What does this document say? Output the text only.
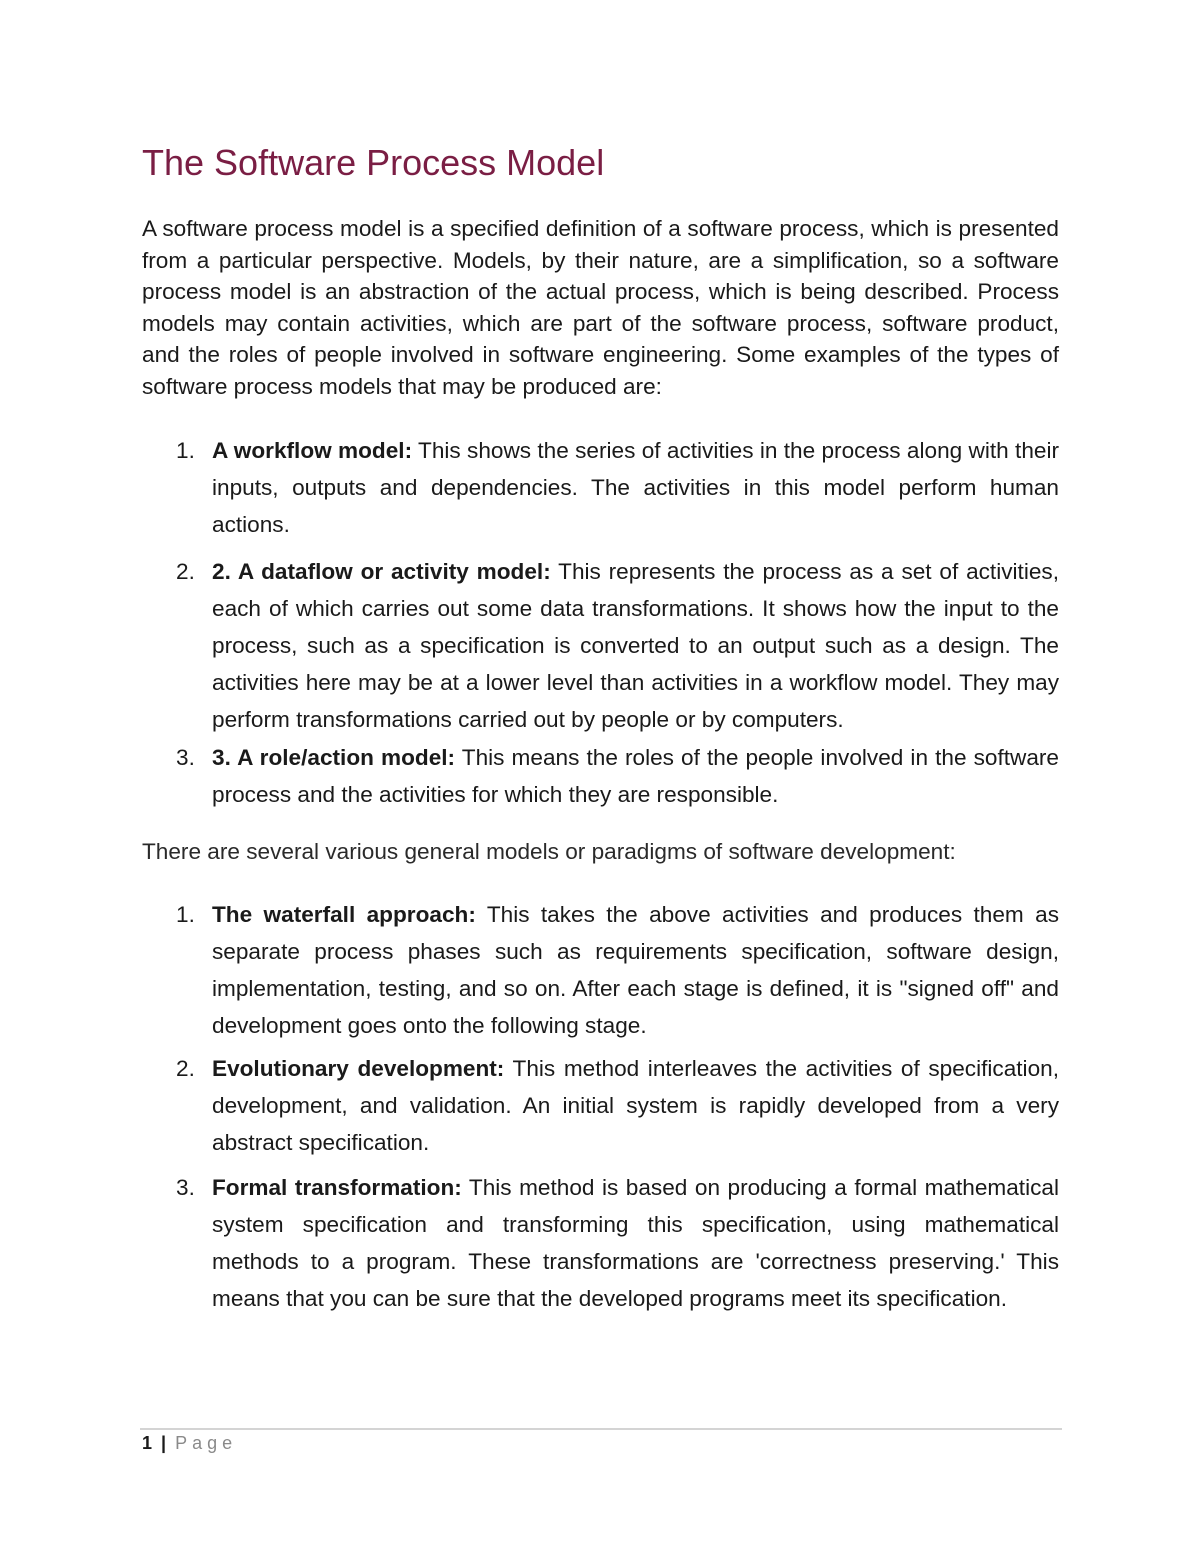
The Software Process Model
A software process model is a specified definition of a software process, which is presented from a particular perspective. Models, by their nature, are a simplification, so a software process model is an abstraction of the actual process, which is being described. Process models may contain activities, which are part of the software process, software product, and the roles of people involved in software engineering. Some examples of the types of software process models that may be produced are:
1. A workflow model: This shows the series of activities in the process along with their inputs, outputs and dependencies. The activities in this model perform human actions.
2. 2. A dataflow or activity model: This represents the process as a set of activities, each of which carries out some data transformations. It shows how the input to the process, such as a specification is converted to an output such as a design. The activities here may be at a lower level than activities in a workflow model. They may perform transformations carried out by people or by computers.
3. 3. A role/action model: This means the roles of the people involved in the software process and the activities for which they are responsible.
There are several various general models or paradigms of software development:
1. The waterfall approach: This takes the above activities and produces them as separate process phases such as requirements specification, software design, implementation, testing, and so on. After each stage is defined, it is "signed off" and development goes onto the following stage.
2. Evolutionary development: This method interleaves the activities of specification, development, and validation. An initial system is rapidly developed from a very abstract specification.
3. Formal transformation: This method is based on producing a formal mathematical system specification and transforming this specification, using mathematical methods to a program. These transformations are 'correctness preserving.' This means that you can be sure that the developed programs meet its specification.
1 | Page
